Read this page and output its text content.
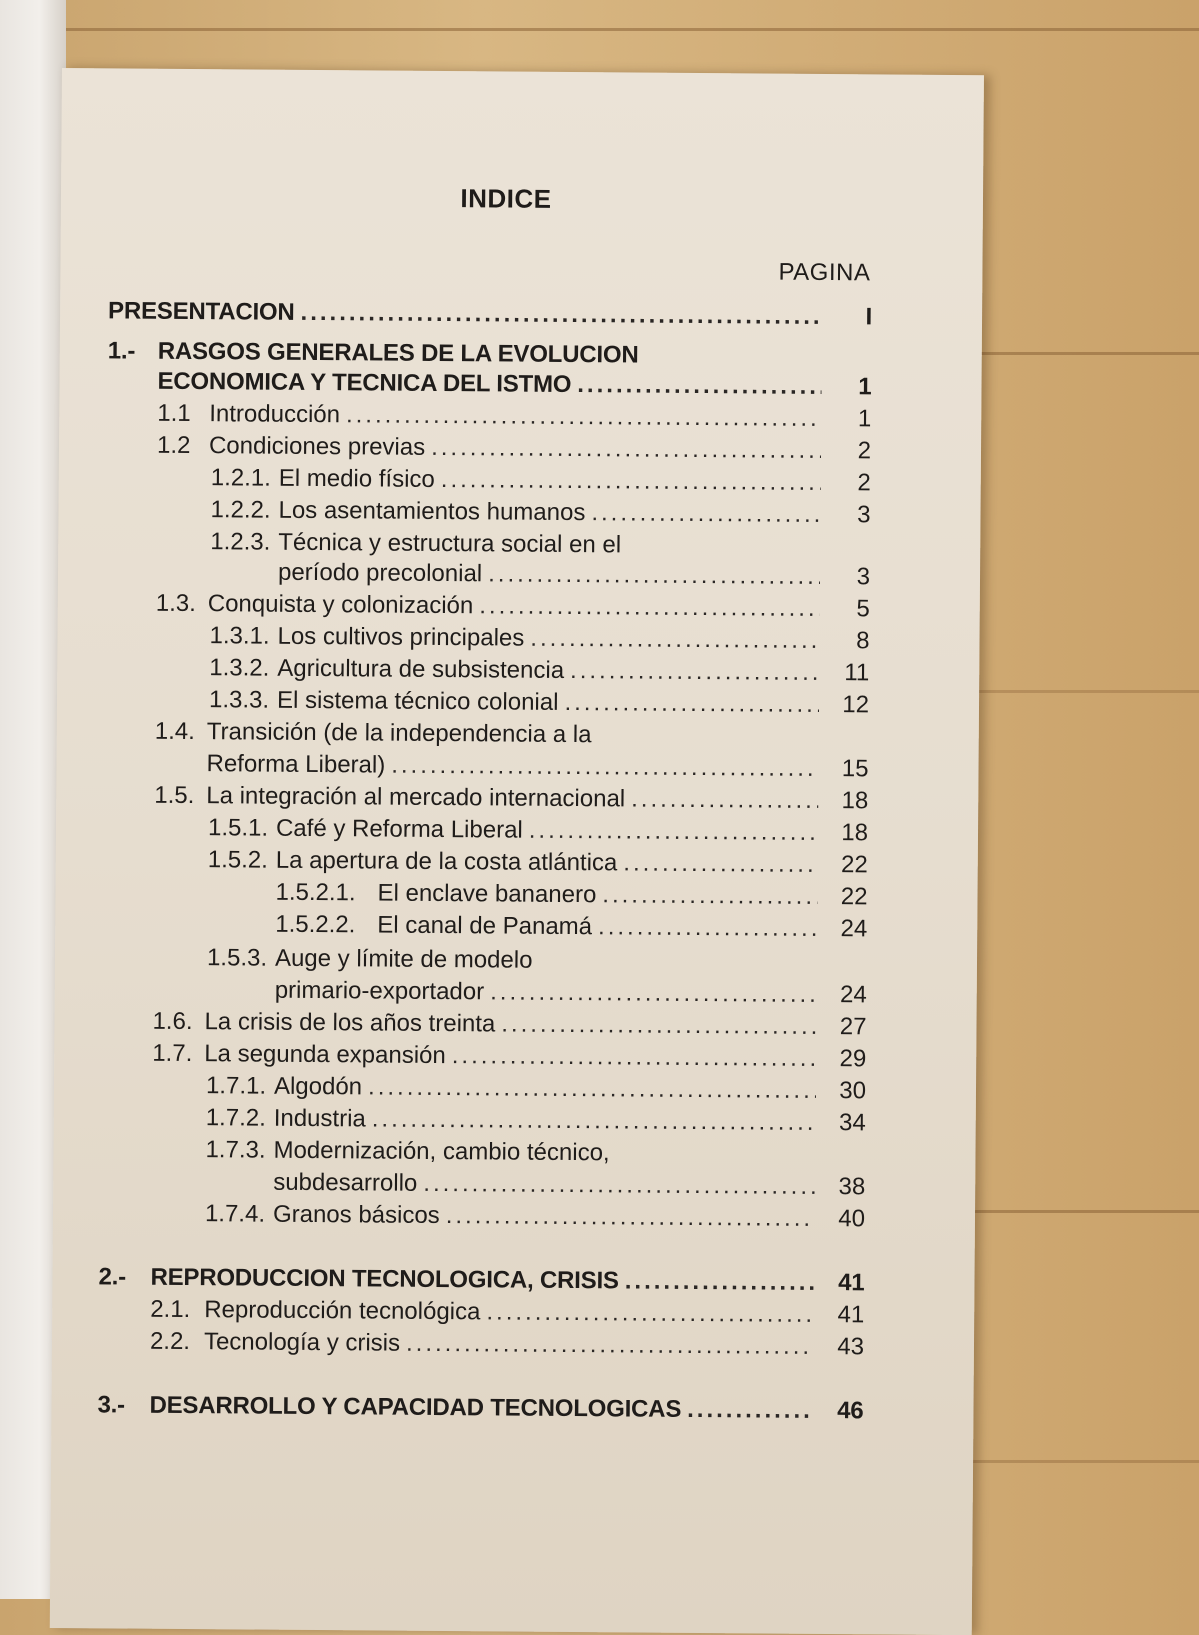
INDICE
PAGINA
PRESENTACION .....	I
1.- RASGOS GENERALES DE LA EVOLUCION
ECONOMICA Y TECNICA DEL ISTMO .....	1
1.1 Introducción .....	1
1.2 Condiciones previas .....	2
1.2.1. El medio físico .....	2
1.2.2. Los asentamientos humanos .....	3
1.2.3. Técnica y estructura social en el
período precolonial .....	3
1.3. Conquista y colonización .....	5
1.3.1. Los cultivos principales .....	8
1.3.2. Agricultura de subsistencia .....	11
1.3.3. El sistema técnico colonial .....	12
1.4. Transición (de la independencia a la
Reforma Liberal) .....	15
1.5. La integración al mercado internacional .....	18
1.5.1. Café y Reforma Liberal .....	18
1.5.2. La apertura de la costa atlántica .....	22
1.5.2.1. El enclave bananero .....	22
1.5.2.2. El canal de Panamá .....	24
1.5.3. Auge y límite de modelo
primario-exportador .....	24
1.6. La crisis de los años treinta .....	27
1.7. La segunda expansión .....	29
1.7.1. Algodón .....	30
1.7.2. Industria .....	34
1.7.3. Modernización, cambio técnico,
subdesarrollo .....	38
1.7.4. Granos básicos .....	40
2.-	REPRODUCCION TECNOLOGICA, CRISIS .....	41
2.1. Reproducción tecnológica .....	41
2.2. Tecnología y crisis .....	43
3.-	DESARROLLO Y CAPACIDAD TECNOLOGICAS .....	46
